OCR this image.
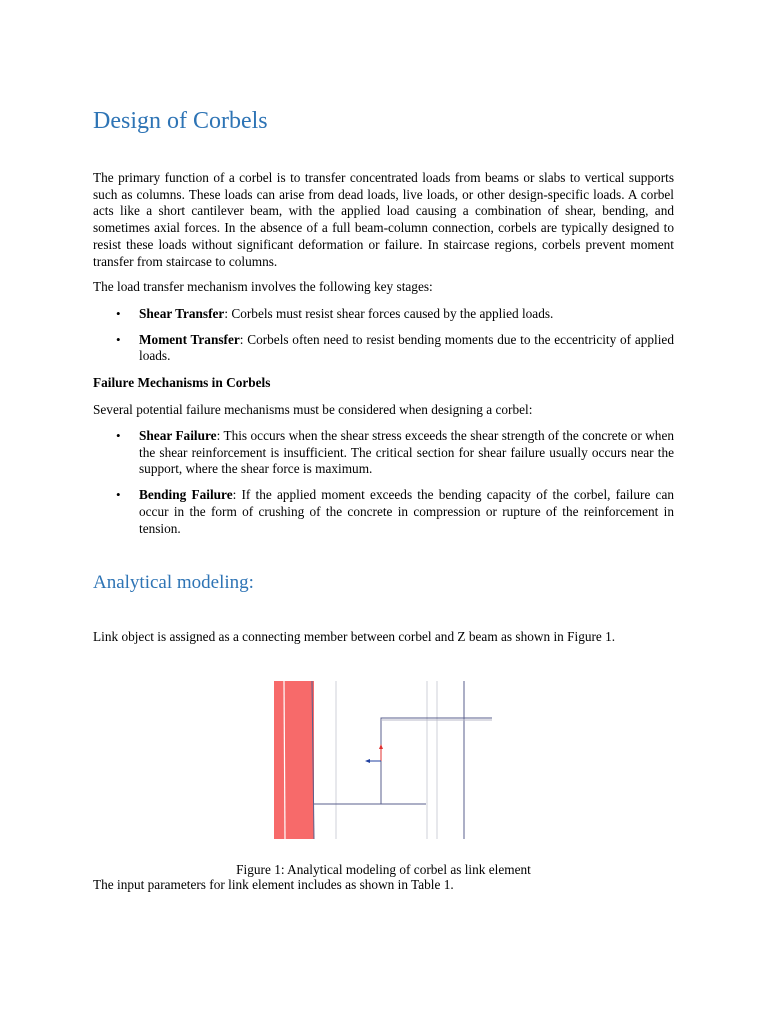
Design of Corbels

The primary function of a corbel is to transfer concentrated loads from beams or slabs to vertical supports such as columns. These loads can arise from dead loads, live loads, or other design-specific loads. A corbel acts like a short cantilever beam, with the applied load causing a combination of shear, bending, and sometimes axial forces. In the absence of a full beam-column connection, corbels are typically designed to resist these loads without significant deformation or failure. In staircase regions, corbels prevent moment transfer from staircase to columns.

The load transfer mechanism involves the following key stages:

• Shear Transfer: Corbels must resist shear forces caused by the applied loads.
• Moment Transfer: Corbels often need to resist bending moments due to the eccentricity of applied loads.

Failure Mechanisms in Corbels

Several potential failure mechanisms must be considered when designing a corbel:

• Shear Failure: This occurs when the shear stress exceeds the shear strength of the concrete or when the shear reinforcement is insufficient. The critical section for shear failure usually occurs near the support, where the shear force is maximum.
• Bending Failure: If the applied moment exceeds the bending capacity of the corbel, failure can occur in the form of crushing of the concrete in compression or rupture of the reinforcement in tension.
Analytical modeling:

Link object is assigned as a connecting member between corbel and Z beam as shown in Figure 1.

Figure 1: Analytical modeling of corbel as link element

The input parameters for link element includes as shown in Table 1.
